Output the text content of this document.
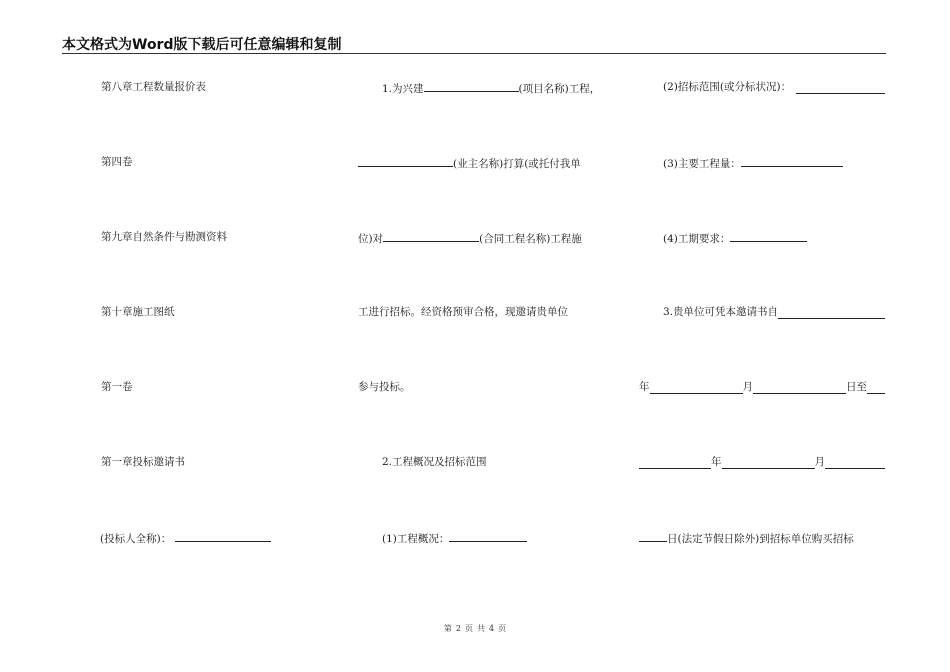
本文格式为Word版下载后可任意编辑和复制
第八章工程数量报价表
第四卷
第九章自然条件与勘测资料
第十章施工图纸
第一卷
第一章投标邀请书
(投标人全称)：
1.为兴建	(项目名称)工程，
(业主名称)打算(或托付我单
位)对	(合同工程名称)工程施
工进行招标。经资格预审合格，现邀请贵单位
参与投标。
2.工程概况及招标范围
(1)工程概况：
(2)招标范围(或分标状况)：
(3)主要工程量：
(4)工期要求：
3.贵单位可凭本邀请书自
年	月	日至
年	月
日(法定节假日除外)到招标单位购买招标
第 2 页 共 4 页
